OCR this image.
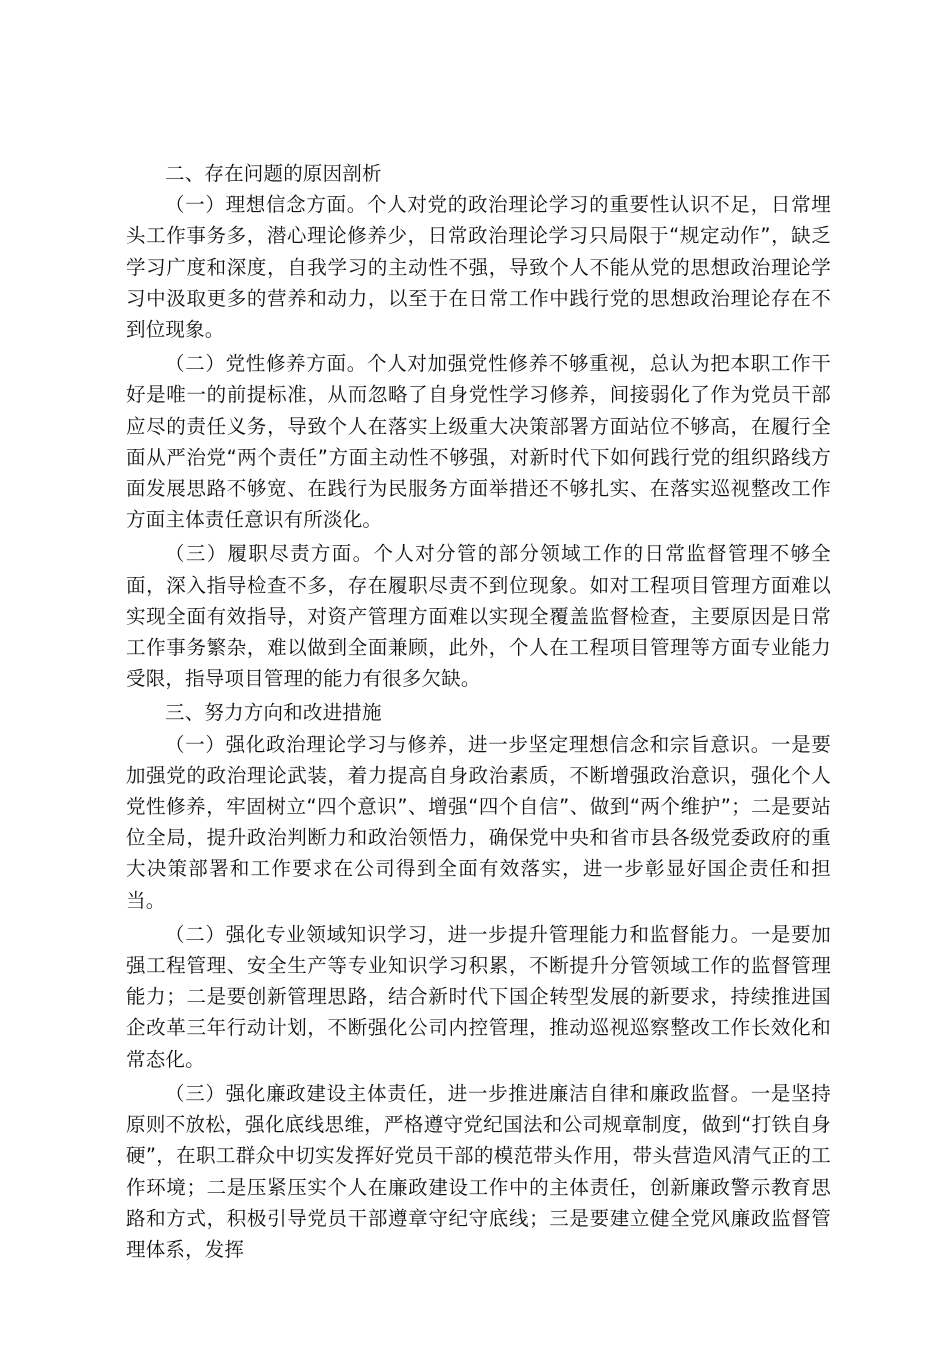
二、存在问题的原因剖析

（一）理想信念方面。个人对党的政治理论学习的重要性认识不足，日常埋头工作事务多，潜心理论修养少，日常政治理论学习只局限于“规定动作”，缺乏学习广度和深度，自我学习的主动性不强，导致个人不能从党的思想政治理论学习中汲取更多的营养和动力，以至于在日常工作中践行党的思想政治理论存在不到位现象。

（二）党性修养方面。个人对加强党性修养不够重视，总认为把本职工作干好是唯一的前提标准，从而忽略了自身党性学习修养，间接弱化了作为党员干部应尽的责任义务，导致个人在落实上级重大决策部署方面站位不够高，在履行全面从严治党“两个责任”方面主动性不够强，对新时代下如何践行党的组织路线方面发展思路不够宽、在践行为民服务方面举措还不够扎实、在落实巡视整改工作方面主体责任意识有所淡化。

（三）履职尽责方面。个人对分管的部分领域工作的日常监督管理不够全面，深入指导检查不多，存在履职尽责不到位现象。如对工程项目管理方面难以实现全面有效指导，对资产管理方面难以实现全覆盖监督检查，主要原因是日常工作事务繁杂，难以做到全面兼顾，此外，个人在工程项目管理等方面专业能力受限，指导项目管理的能力有很多欠缺。

三、努力方向和改进措施

（一）强化政治理论学习与修养，进一步坚定理想信念和宗旨意识。一是要加强党的政治理论武装，着力提高自身政治素质，不断增强政治意识，强化个人党性修养，牢固树立“四个意识”、增强“四个自信”、做到“两个维护”；二是要站位全局，提升政治判断力和政治领悟力，确保党中央和省市县各级党委政府的重大决策部署和工作要求在公司得到全面有效落实，进一步彰显好国企责任和担当。

（二）强化专业领域知识学习，进一步提升管理能力和监督能力。一是要加强工程管理、安全生产等专业知识学习积累，不断提升分管领域工作的监督管理能力；二是要创新管理思路，结合新时代下国企转型发展的新要求，持续推进国企改革三年行动计划，不断强化公司内控管理，推动巡视巡察整改工作长效化和常态化。

（三）强化廉政建设主体责任，进一步推进廉洁自律和廉政监督。一是坚持原则不放松，强化底线思维，严格遵守党纪国法和公司规章制度，做到“打铁自身硬”，在职工群众中切实发挥好党员干部的模范带头作用，带头营造风清气正的工作环境；二是压紧压实个人在廉政建设工作中的主体责任，创新廉政警示教育思路和方式，积极引导党员干部遵章守纪守底线；三是要建立健全党风廉政监督管理体系，发挥
